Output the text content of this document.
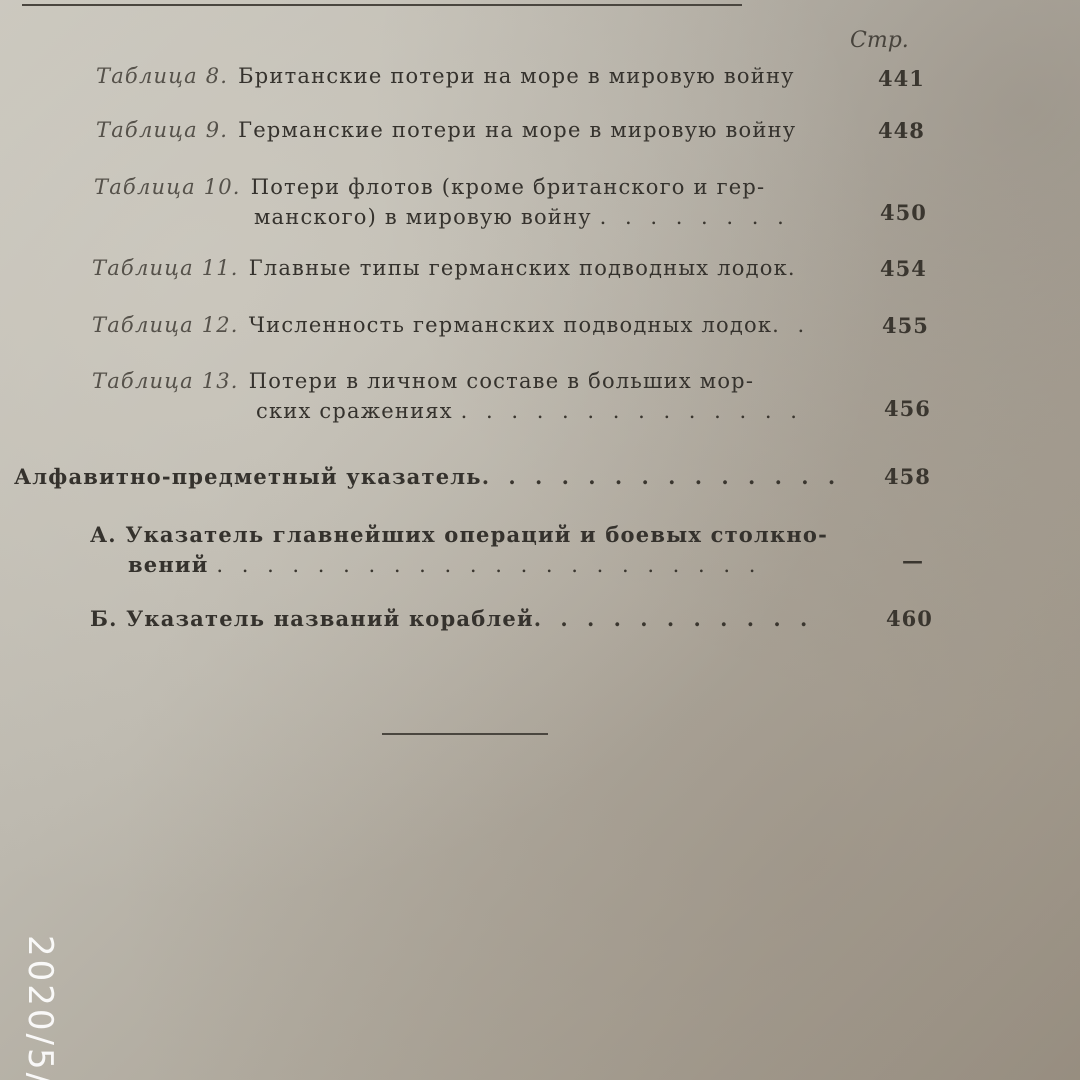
Стр.
Таблица 8. Британские потери на море в мировую войну	441
Таблица 9. Германские потери на море в мировую войну	448
Таблица 10. Потери флотов (кроме британского и гер-
манского) в мировую войну . . . . . . . .	450
Таблица 11. Главные типы германских подводных лодок .	454
Таблица 12. Численность германских подводных лодок . .	455
Таблица 13. Потери в личном составе в больших мор-
ских сражениях . . . . . . . . . . . . . .	456
Алфавитно-предметный указатель . . . . . . . . . . . . . . 458
А. Указатель главнейших операций и боевых столкно-
вений . . . . . . . . . . . . . . . . . . . . . .	—
Б. Указатель названий кораблей . . . . . . . . . . .	460
2020/5/
